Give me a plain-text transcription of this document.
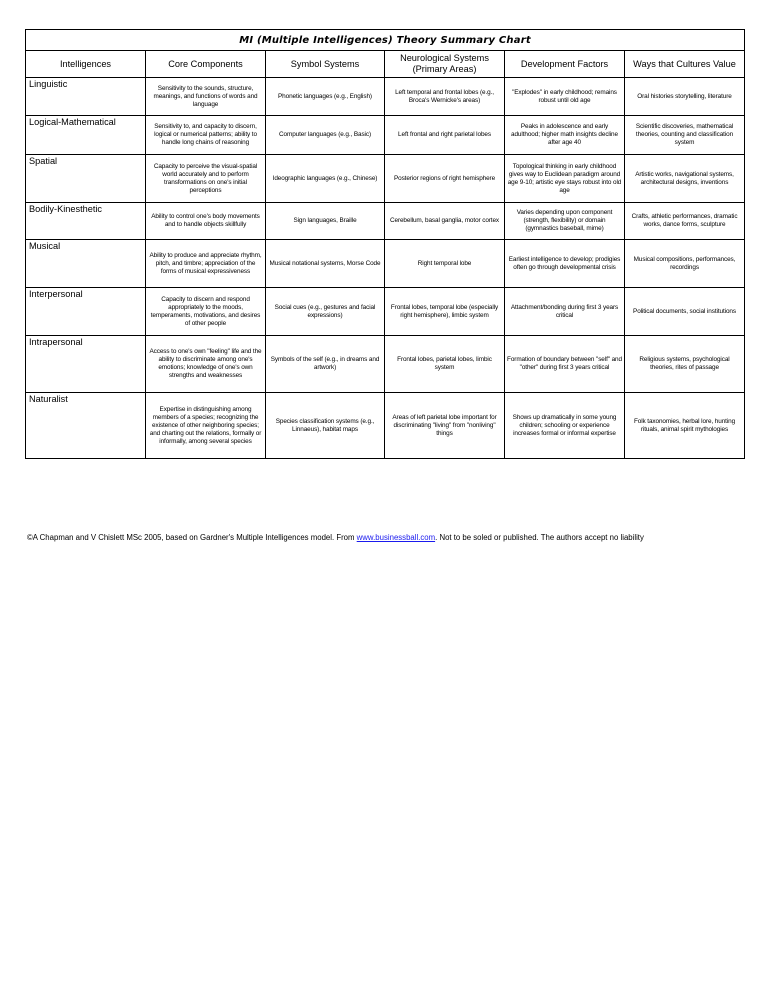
MI (Multiple Intelligences) Theory Summary Chart					
Intelligences	Core Components	Symbol Systems	Neurological Systems (Primary Areas)	Development Factors	Ways that Cultures Value
Linguistic	Sensitivity to the sounds, structure, meanings, and functions of words and language	Phonetic languages (e.g., English)	Left temporal and frontal lobes (e.g., Broca's Wernicke's areas)	"Explodes" in early childhood; remains robust until old age	Oral histories storytelling, literature
Logical-Mathematical	Sensitivity to, and capacity to discern, logical or numerical patterns; ability to handle long chains of reasoning	Computer languages (e.g., Basic)	Left frontal and right parietal lobes	Peaks in adolescence and early adulthood; higher math insights decline after age 40	Scientific discoveries, mathematical theories, counting and classification system
Spatial	Capacity to perceive the visual-spatial world accurately and to perform transformations on one's initial perceptions	Ideographic languages (e.g., Chinese)	Posterior regions of right hemisphere	Topological thinking in early childhood gives way to Euclidean paradigm around age 9-10; artistic eye stays robust into old age	Artistic works, navigational systems, architectural designs, inventions
Bodily-Kinesthetic	Ability to control one's body movements and to handle objects skillfully	Sign languages, Braille	Cerebellum, basal ganglia, motor cortex	Varies depending upon component (strength, flexibility) or domain (gymnastics baseball, mime)	Crafts, athletic performances, dramatic works, dance forms, sculpture
Musical	Ability to produce and appreciate rhythm, pitch, and timbre; appreciation of the forms of musical expressiveness	Musical notational systems, Morse Code	Right temporal lobe	Earliest intelligence to develop; prodigies often go through developmental crisis	Musical compositions, performances, recordings
Interpersonal	Capacity to discern and respond appropriately to the moods, temperaments, motivations, and desires of other people	Social cues (e.g., gestures and facial expressions)	Frontal lobes, temporal lobe (especially right hemisphere), limbic system	Attachment/bonding during first 3 years critical	Political documents, social institutions
Intrapersonal	Access to one's own "feeling" life and the ability to discriminate among one's emotions; knowledge of one's own strengths and weaknesses	Symbols of the self (e.g., in dreams and artwork)	Frontal lobes, parietal lobes, limbic system	Formation of boundary between "self" and "other" during first 3 years critical	Religious systems, psychological theories, rites of passage
Naturalist	Expertise in distinguishing among members of a species; recognizing the existence of other neighboring species; and charting out the relations, formally or informally, among several species	Species classification systems (e.g., Linnaeus), habitat maps	Areas of left parietal lobe important for discriminating "living" from "nonliving" things	Shows up dramatically in some young children; schooling or experience increases formal or informal expertise	Folk taxonomies, herbal lore, hunting rituals, animal spirit mythologies
©A Chapman and V Chislett MSc 2005, based on Gardner's Multiple Intelligences model. From www.businessball.com. Not to be soled or published. The authors accept no liability
